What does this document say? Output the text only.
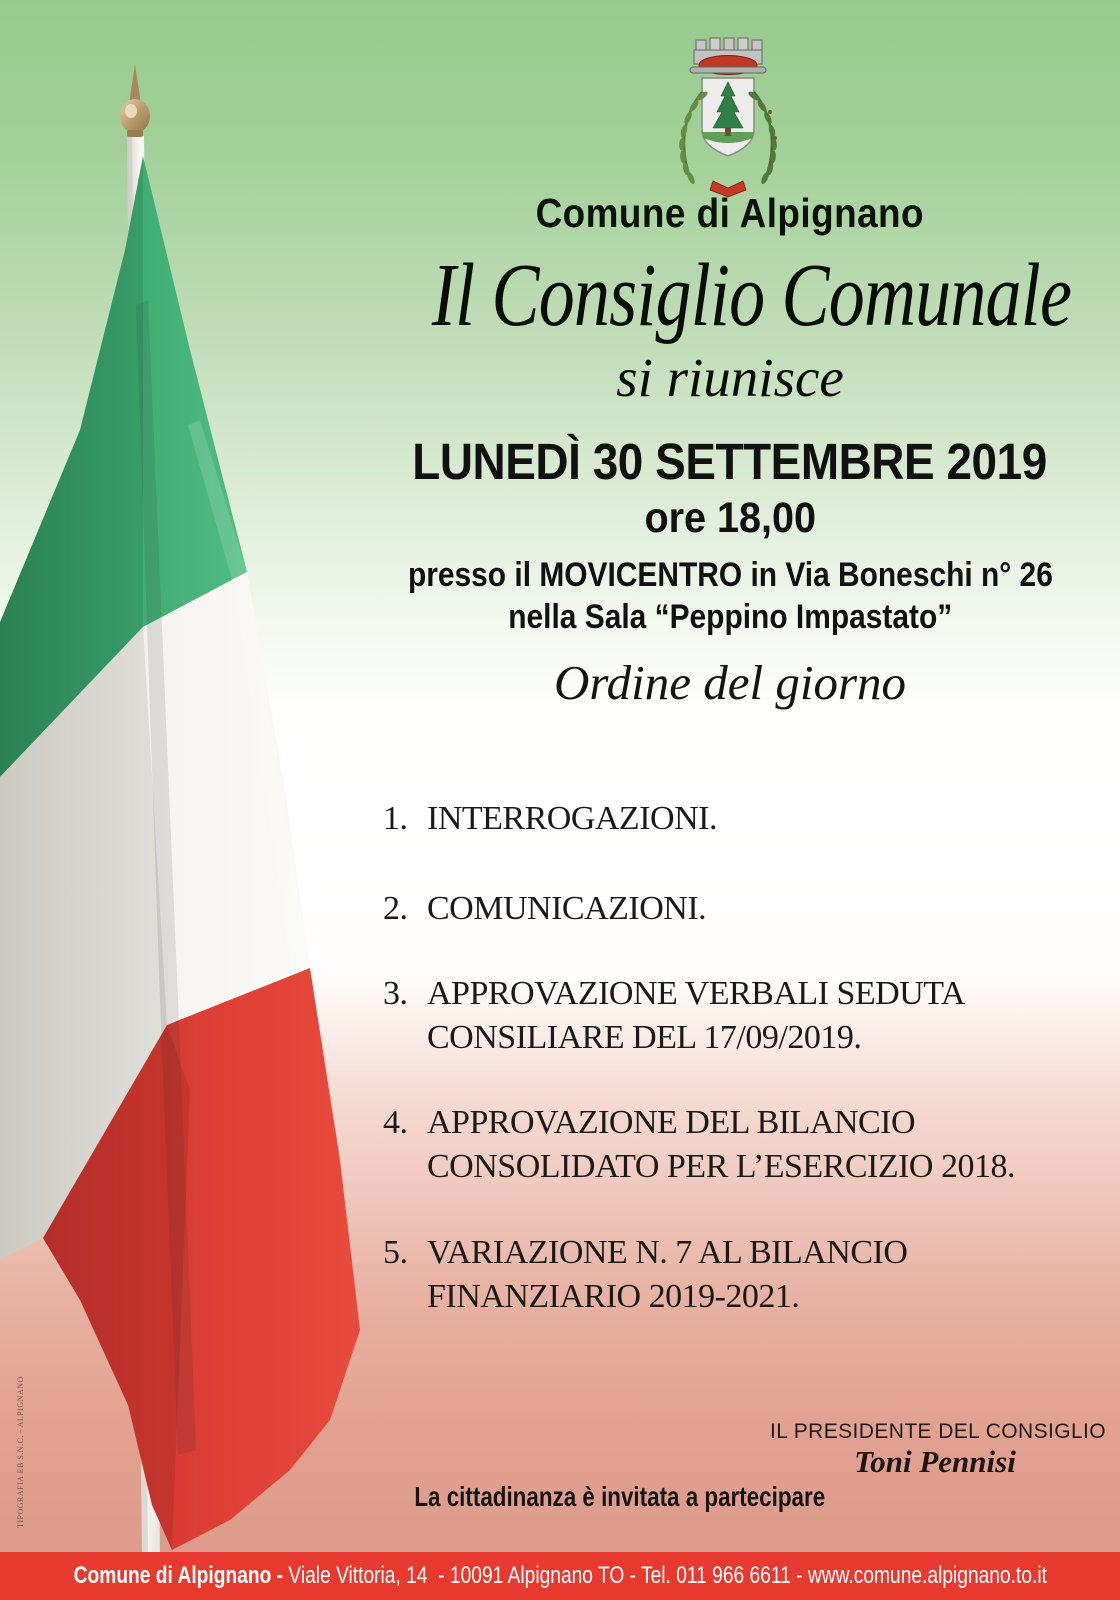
Comune di Alpignano
Il Consiglio Comunale
si riunisce
LUNEDÌ 30 SETTEMBRE 2019
ore 18,00
presso il MOVICENTRO in Via Boneschi n° 26
nella Sala “Peppino Impastato”
Ordine del giorno
1. INTERROGAZIONI.
2. COMUNICAZIONI.
3. APPROVAZIONE VERBALI SEDUTA
CONSILIARE DEL 17/09/2019.
4. APPROVAZIONE DEL BILANCIO
CONSOLIDATO PER L’ESERCIZIO 2018.
5. VARIAZIONE N. 7 AL BILANCIO
FINANZIARIO 2019-2021.
IL PRESIDENTE DEL CONSIGLIO
Toni Pennisi
La cittadinanza è invitata a partecipare
Comune di Alpignano - Viale Vittoria, 14  - 10091 Alpignano TO - Tel. 011 966 6611 - www.comune.alpignano.to.it
TIPOGRAFIA EB S.N.C. - ALPIGNANO
